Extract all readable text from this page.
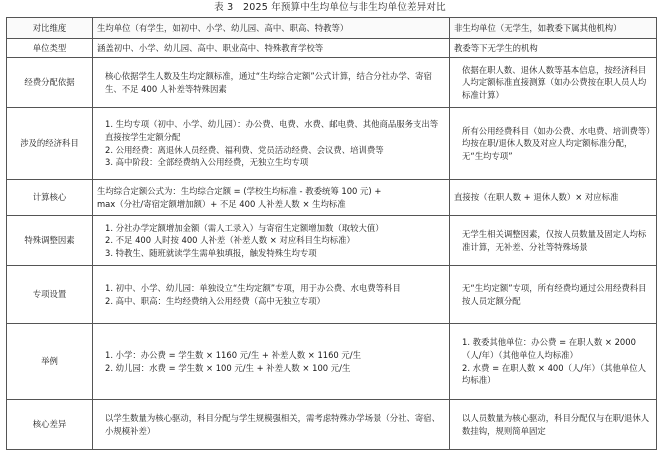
表 3　2025 年预算中生均单位与非生均单位差异对比
对比维度	生均单位（有学生，如初中、小学、幼儿园、高中、职高、特教等）	非生均单位（无学生，如教委下属其他机构）
单位类型	涵盖初中、小学、幼儿园、高中、职业高中、特殊教育学校等	教委等下无学生的机构

经费分配依据	核心依据学生人数及生均定额标准，通过“生均综合定额”公式计算，结合分社办学、寄宿生、不足 400 人补差等特殊因素	依据在职人数、退休人数等基本信息，按经济科目人均定额标准直接测算（如办公费按在职人员人均标准计算）

涉及的经济科目	1. 生均专项（初中、小学、幼儿园）：办公费、电费、水费、邮电费、其他商品服务支出等直接按学生定额分配
2. 公用经费：离退休人员经费、福利费、党员活动经费、会议费、培训费等
3. 高中阶段：全部经费纳入公用经费，无独立生均专项	所有公用经费科目（如办公费、水电费、培训费等）均按在职/退休人数及对应人均定额标准分配，无“生均专项”

计算核心	生均综合定额公式为：生均综合定额 = (学校生均标准 - 教委统筹 100 元) +
max（分社/寄宿定额增加额）+ 不足 400 人补差人数 × 生均标准	直接按（在职人数 + 退休人数）× 对应标准

特殊调整因素	1. 分社办学定额增加金额（需人工录入）与寄宿生定额增加数（取较大值）
2. 不足 400 人时按 400 人补差（补差人数 × 对应科目生均标准）
3. 特教生、随班就读学生需单独填报，触发特殊生均专项	无学生相关调整因素，仅按人员数量及固定人均标准计算，无补差、分社等特殊场景

专项设置	1. 初中、小学、幼儿园：单独设立“生均定额”专项，用于办公费、水电费等科目
2. 高中、职高：生均经费纳入公用经费（高中无独立专项）	无“生均定额”专项，所有经费均通过公用经费科目按人员定额分配

举例	1. 小学：办公费 = 学生数 × 1160 元/生 + 补差人数 × 1160 元/生
2. 幼儿园：水费 = 学生数 × 100 元/生 + 补差人数 × 100 元/生	1. 教委其他单位：办公费 = 在职人数 × 2000（人/年）（其他单位人均标准）
2. 水费 = 在职人数 × 400（人/年）（其他单位人均标准）

核心差异	以学生数量为核心驱动，科目分配与学生规模强相关，需考虑特殊办学场景（分社、寄宿、小规模补差）	以人员数量为核心驱动，科目分配仅与在职/退休人数挂钩，规则简单固定
